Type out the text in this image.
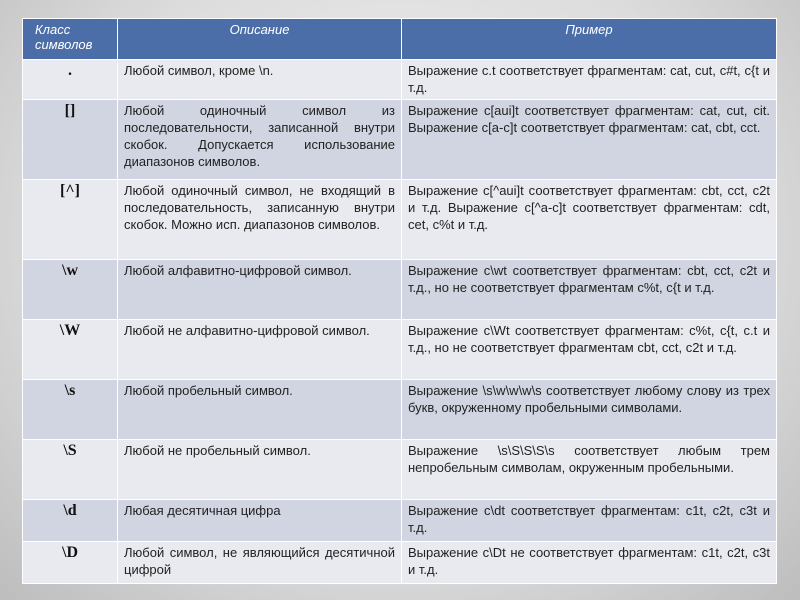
Класс символов	Описание	Пример
.	Любой символ, кроме \n.	Выражение c.t соответствует фрагментам: cat, cut, c#t, c{t и т.д.
[]	Любой одиночный символ из последовательности, записанной внутри скобок. Допускается использование диапазонов символов.	Выражение c[aui]t соответствует фрагментам: cat, cut, cit. Выражение c[a-c]t соответствует фрагментам: cat, cbt, cct.
[^]	Любой одиночный символ, не входящий в последовательность, записанную внутри скобок. Можно исп. диапазонов символов.	Выражение c[^aui]t соответствует фрагментам: cbt, cct, c2t и т.д. Выражение c[^a-c]t соответствует фрагментам: cdt, cet, c%t и т.д.
\w	Любой алфавитно-цифровой символ.	Выражение c\wt соответствует фрагментам: cbt, cct, c2t и т.д., но не соответствует фрагментам c%t, c{t и т.д.
\W	Любой не алфавитно-цифровой символ.	Выражение c\Wt соответствует фрагментам: c%t, c{t, c.t и т.д., но не соответствует фрагментам cbt, cct, c2t и т.д.
\s	Любой пробельный символ.	Выражение \s\w\w\w\s соответствует любому слову из трех букв, окруженному пробельными символами.
\S	Любой не пробельный символ.	Выражение \s\S\S\S\s соответствует любым трем непробельным символам, окруженным пробельными.
\d	Любая десятичная цифра	Выражение c\dt соответствует фрагментам: c1t, c2t, c3t и т.д.
\D	Любой символ, не являющийся десятичной цифрой	Выражение c\Dt не соответствует фрагментам: c1t, c2t, c3t и т.д.
